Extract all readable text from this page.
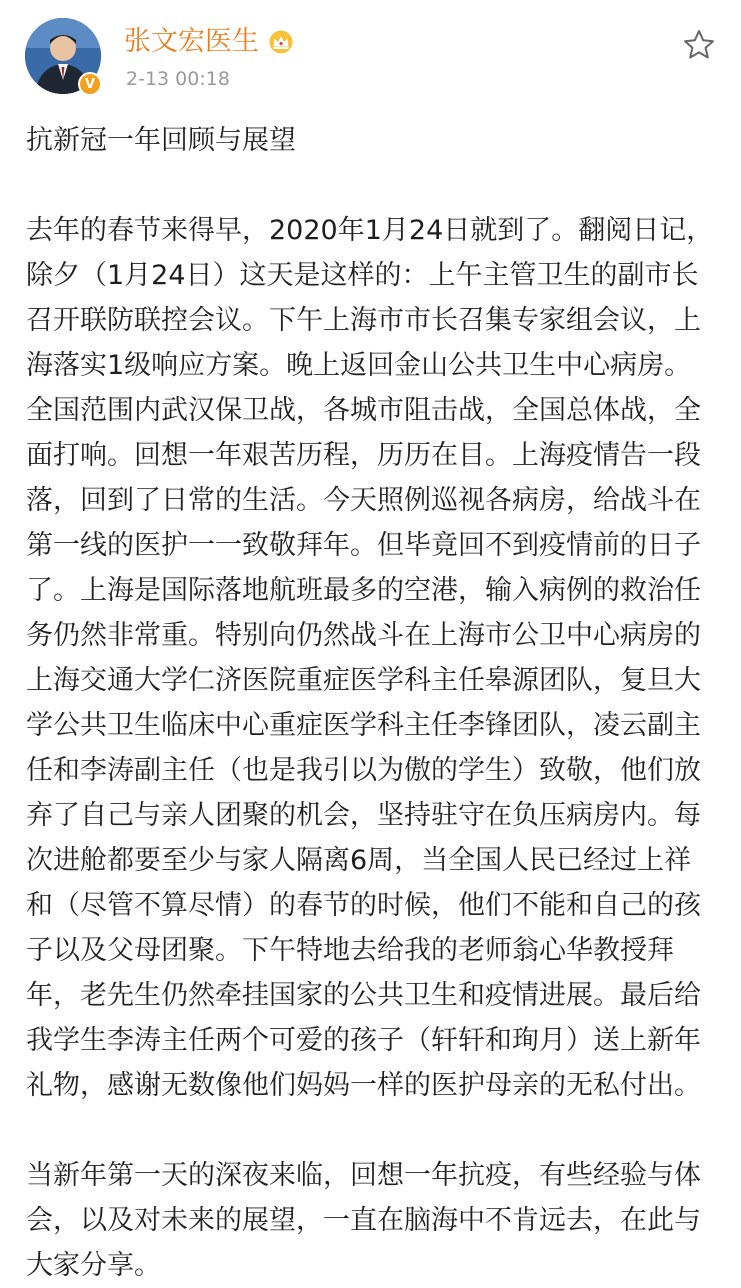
V
张文宏医生
2-13 00:18

抗新冠一年回顾与展望

去年的春节来得早，2020年1月24日就到了。翻阅日记，除夕（1月24日）这天是这样的：上午主管卫生的副市长召开联防联控会议。下午上海市市长召集专家组会议，上海落实1级响应方案。晚上返回金山公共卫生中心病房。全国范围内武汉保卫战，各城市阻击战，全国总体战，全面打响。回想一年艰苦历程，历历在目。上海疫情告一段落，回到了日常的生活。今天照例巡视各病房，给战斗在第一线的医护一一致敬拜年。但毕竟回不到疫情前的日子了。上海是国际落地航班最多的空港，输入病例的救治任务仍然非常重。特别向仍然战斗在上海市公卫中心病房的上海交通大学仁济医院重症医学科主任皋源团队，复旦大学公共卫生临床中心重症医学科主任李锋团队，凌云副主任和李涛副主任（也是我引以为傲的学生）致敬，他们放弃了自己与亲人团聚的机会，坚持驻守在负压病房内。每次进舱都要至少与家人隔离6周，当全国人民已经过上祥和（尽管不算尽情）的春节的时候，他们不能和自己的孩子以及父母团聚。下午特地去给我的老师翁心华教授拜年，老先生仍然牵挂国家的公共卫生和疫情进展。最后给我学生李涛主任两个可爱的孩子（轩轩和珣月）送上新年礼物，感谢无数像他们妈妈一样的医护母亲的无私付出。

当新年第一天的深夜来临，回想一年抗疫，有些经验与体会，以及对未来的展望，一直在脑海中不肯远去，在此与大家分享。
